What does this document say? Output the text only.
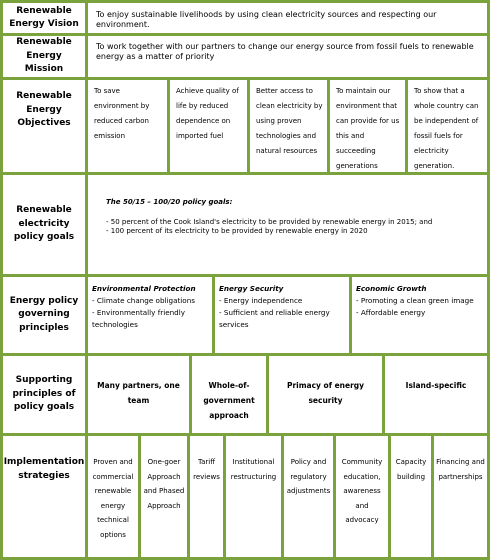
Renewable Energy Vision
To enjoy sustainable livelihoods by using clean electricity sources and respecting our environment.
Renewable Energy Mission
To work together with our partners to change our energy source from fossil fuels to renewable energy as a matter of priority
Renewable Energy Objectives
To save environment by reduced carbon emission
Achieve quality of life by reduced dependence on imported fuel
Better access to clean electricity by using proven technologies and natural resources
To maintain our environment that can provide for us this and succeeding generations
To show that a whole country can be independent of fossil fuels for electricity generation.
Renewable electricity policy goals
The 50/15 – 100/20 policy goals:
- 50 percent of the Cook Island's electricity to be provided by renewable energy in 2015; and
- 100 percent of its electricity to be provided by renewable energy in 2020
Energy policy governing principles
Environmental Protection
- Climate change obligations
- Environmentally friendly technologies
Energy Security
- Energy independence
- Sufficient and reliable energy services
Economic Growth
- Promoting a clean green image
- Affordable energy
Supporting principles of policy goals
Many partners, one team
Whole-of-government approach
Primacy of energy security
Island-specific
Implementation strategies
Proven and commercial renewable energy technical options
One-goer Approach and Phased Approach
Tariff reviews
Institutional restructuring
Policy and regulatory adjustments
Community education, awareness and advocacy
Capacity building
Financing and partnerships
